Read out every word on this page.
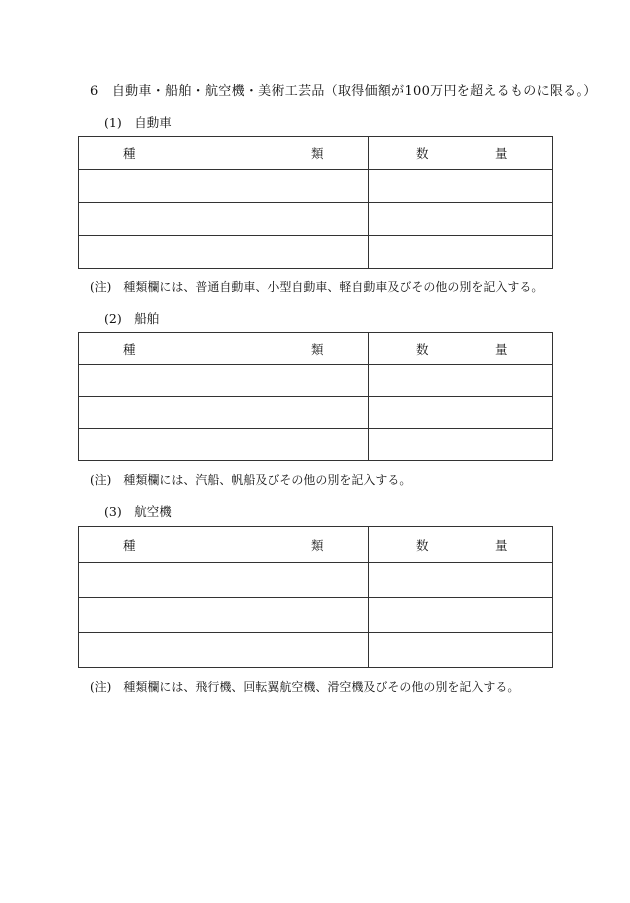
6　自動車・船舶・航空機・美術工芸品（取得価額が100万円を超えるものに限る。）
(1)　自動車
種 類	数 量

(注)　種類欄には、普通自動車、小型自動車、軽自動車及びその他の別を記入する。
(2)　船舶
種 類	数 量

(注)　種類欄には、汽船、帆船及びその他の別を記入する。
(3)　航空機
種 類	数 量

(注)　種類欄には、飛行機、回転翼航空機、滑空機及びその他の別を記入する。
